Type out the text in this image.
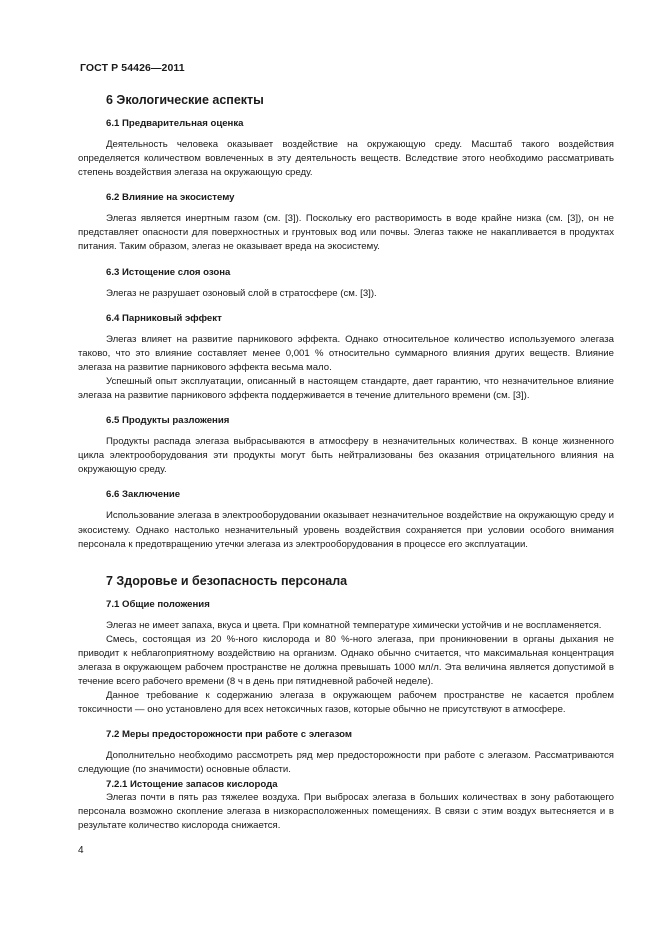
ГОСТ Р 54426—2011
6 Экологические аспекты
6.1 Предварительная оценка

Деятельность человека оказывает воздействие на окружающую среду. Масштаб такого воздействия определяется количеством вовлеченных в эту деятельность веществ. Вследствие этого необходимо рассматривать степень воздействия элегаза на окружающую среду.

6.2 Влияние на экосистему

Элегаз является инертным газом (см. [3]). Поскольку его растворимость в воде крайне низка (см. [3]), он не представляет опасности для поверхностных и грунтовых вод или почвы. Элегаз также не накапливается в продуктах питания. Таким образом, элегаз не оказывает вреда на экосистему.

6.3 Истощение слоя озона

Элегаз не разрушает озоновый слой в стратосфере (см. [3]).

6.4 Парниковый эффект

Элегаз влияет на развитие парникового эффекта. Однако относительное количество используемого элегаза таково, что это влияние составляет менее 0,001 % относительно суммарного влияния других веществ. Влияние элегаза на развитие парникового эффекта весьма мало.

Успешный опыт эксплуатации, описанный в настоящем стандарте, дает гарантию, что незначительное влияние элегаза на развитие парникового эффекта поддерживается в течение длительного времени (см. [3]).

6.5 Продукты разложения

Продукты распада элегаза выбрасываются в атмосферу в незначительных количествах. В конце жизненного цикла электрооборудования эти продукты могут быть нейтрализованы без оказания отрицательного влияния на окружающую среду.

6.6 Заключение

Использование элегаза в электрооборудовании оказывает незначительное воздействие на окружающую среду и экосистему. Однако настолько незначительный уровень воздействия сохраняется при условии особого внимания персонала к предотвращению утечки элегаза из электрооборудования в процессе его эксплуатации.

7 Здоровье и безопасность персонала
7.1 Общие положения

Элегаз не имеет запаха, вкуса и цвета. При комнатной температуре химически устойчив и не воспламеняется.

Смесь, состоящая из 20 %-ного кислорода и 80 %-ного элегаза, при проникновении в органы дыхания не приводит к неблагоприятному воздействию на организм. Однако обычно считается, что максимальная концентрация элегаза в окружающем рабочем пространстве не должна превышать 1000 мл/л. Эта величина является допустимой в течение всего рабочего времени (8 ч в день при пятидневной рабочей неделе).

Данное требование к содержанию элегаза в окружающем рабочем пространстве не касается проблем токсичности — оно установлено для всех нетоксичных газов, которые обычно не присутствуют в атмосфере.

7.2 Меры предосторожности при работе с элегазом

Дополнительно необходимо рассмотреть ряд мер предосторожности при работе с элегазом. Рассматриваются следующие (по значимости) основные области.

7.2.1 Истощение запасов кислорода

Элегаз почти в пять раз тяжелее воздуха. При выбросах элегаза в больших количествах в зону работающего персонала возможно скопление элегаза в низкорасположенных помещениях. В связи с этим воздух вытесняется и в результате количество кислорода снижается.

4
